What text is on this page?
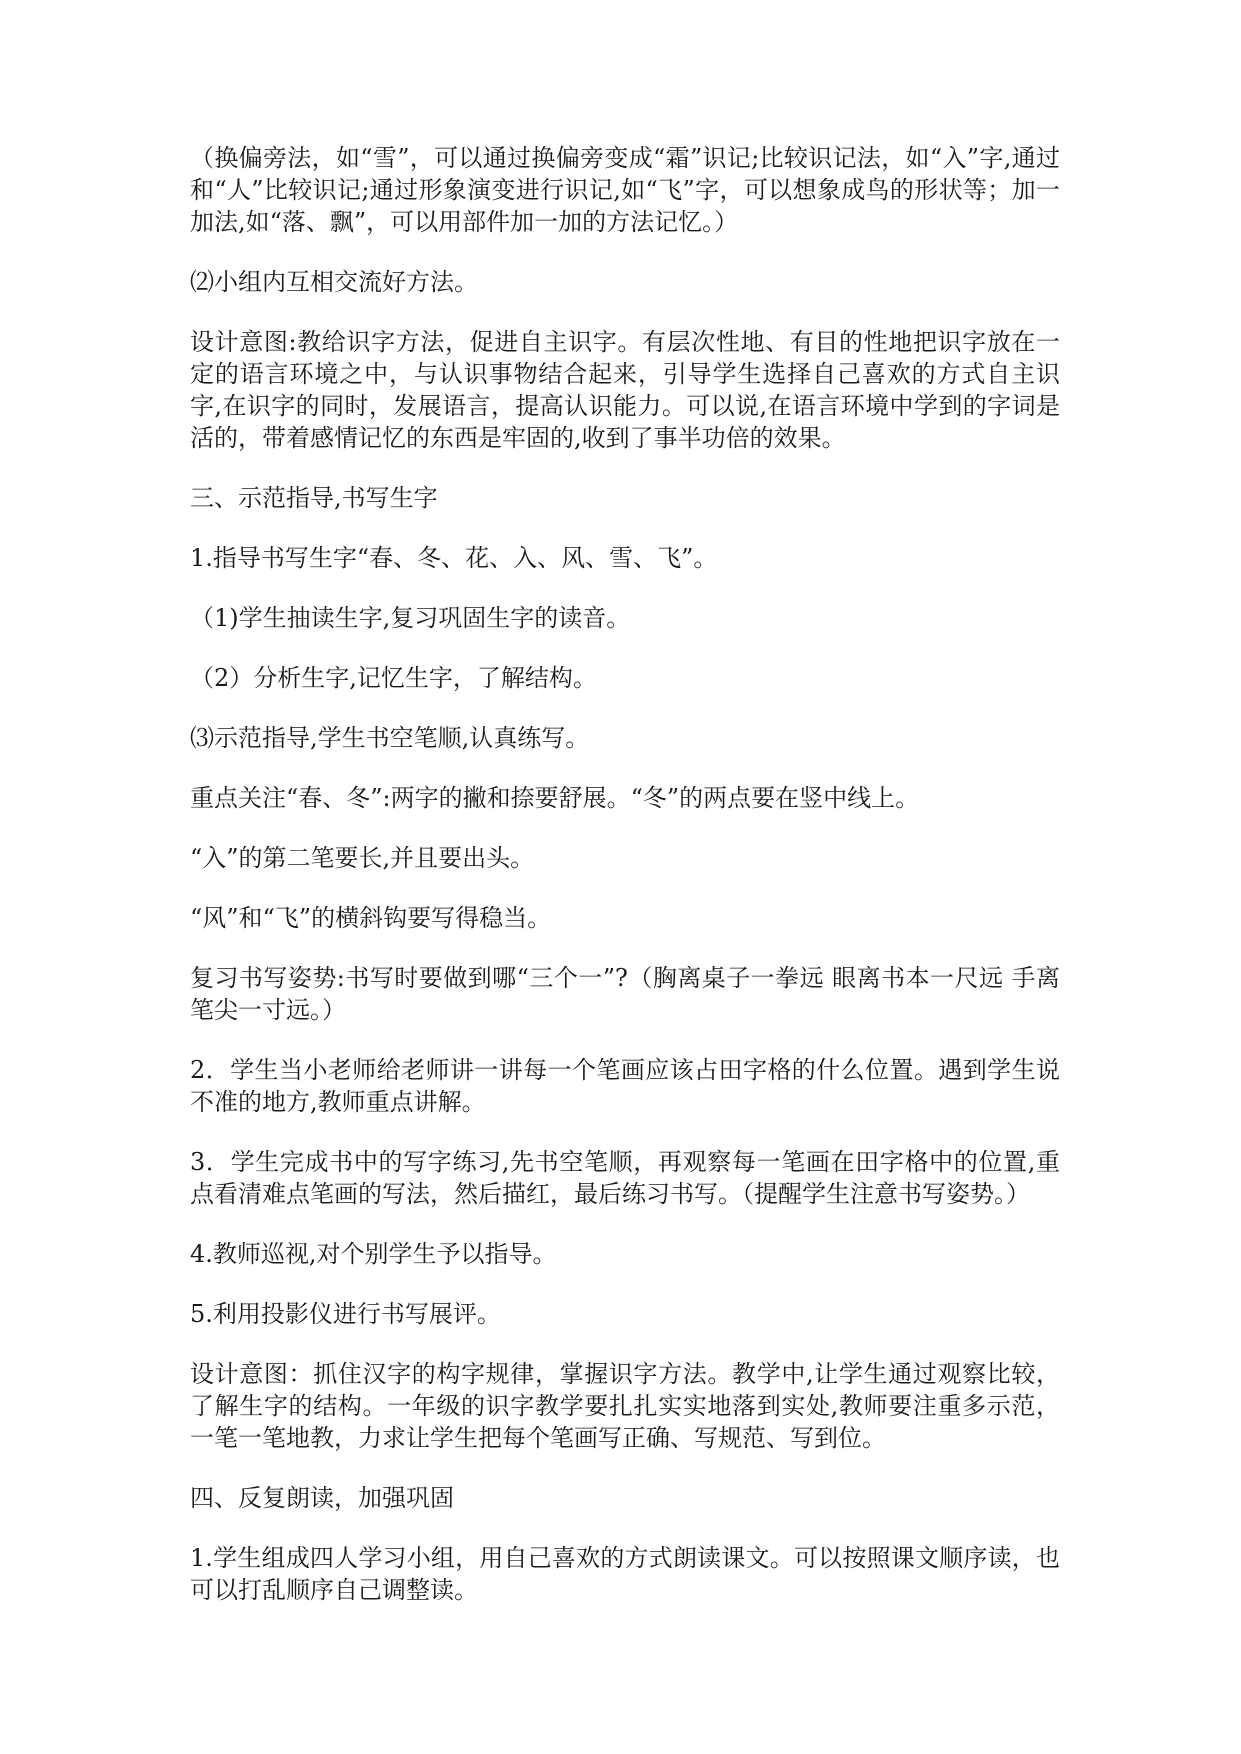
（换偏旁法，如“雪”，可以通过换偏旁变成“霜”识记;比较识记法，如“入”字,通过和“人”比较识记;通过形象演变进行识记,如“飞”字，可以想象成鸟的形状等；加一加法,如“落、飘”，可以用部件加一加的方法记忆。）

⑵小组内互相交流好方法。

设计意图:教给识字方法，促进自主识字。有层次性地、有目的性地把识字放在一定的语言环境之中，与认识事物结合起来，引导学生选择自己喜欢的方式自主识字,在识字的同时，发展语言，提高认识能力。可以说,在语言环境中学到的字词是活的，带着感情记忆的东西是牢固的,收到了事半功倍的效果。

三、示范指导,书写生字

1.指导书写生字“春、冬、花、入、风、雪、飞”。

（1)学生抽读生字,复习巩固生字的读音。

（2）分析生字,记忆生字，了解结构。

⑶示范指导,学生书空笔顺,认真练写。

重点关注“春、冬”:两字的撇和捺要舒展。“冬”的两点要在竖中线上。

“入”的第二笔要长,并且要出头。

“风”和“飞”的横斜钩要写得稳当。

复习书写姿势:书写时要做到哪“三个一”?（胸离桌子一拳远 眼离书本一尺远 手离笔尖一寸远。）

2．学生当小老师给老师讲一讲每一个笔画应该占田字格的什么位置。遇到学生说不准的地方,教师重点讲解。

3．学生完成书中的写字练习,先书空笔顺，再观察每一笔画在田字格中的位置,重点看清难点笔画的写法，然后描红，最后练习书写。（提醒学生注意书写姿势。）

4.教师巡视,对个别学生予以指导。

5.利用投影仪进行书写展评。

设计意图：抓住汉字的构字规律，掌握识字方法。教学中,让学生通过观察比较，了解生字的结构。一年级的识字教学要扎扎实实地落到实处,教师要注重多示范，一笔一笔地教，力求让学生把每个笔画写正确、写规范、写到位。

四、反复朗读，加强巩固

1.学生组成四人学习小组，用自己喜欢的方式朗读课文。可以按照课文顺序读，也可以打乱顺序自己调整读。
